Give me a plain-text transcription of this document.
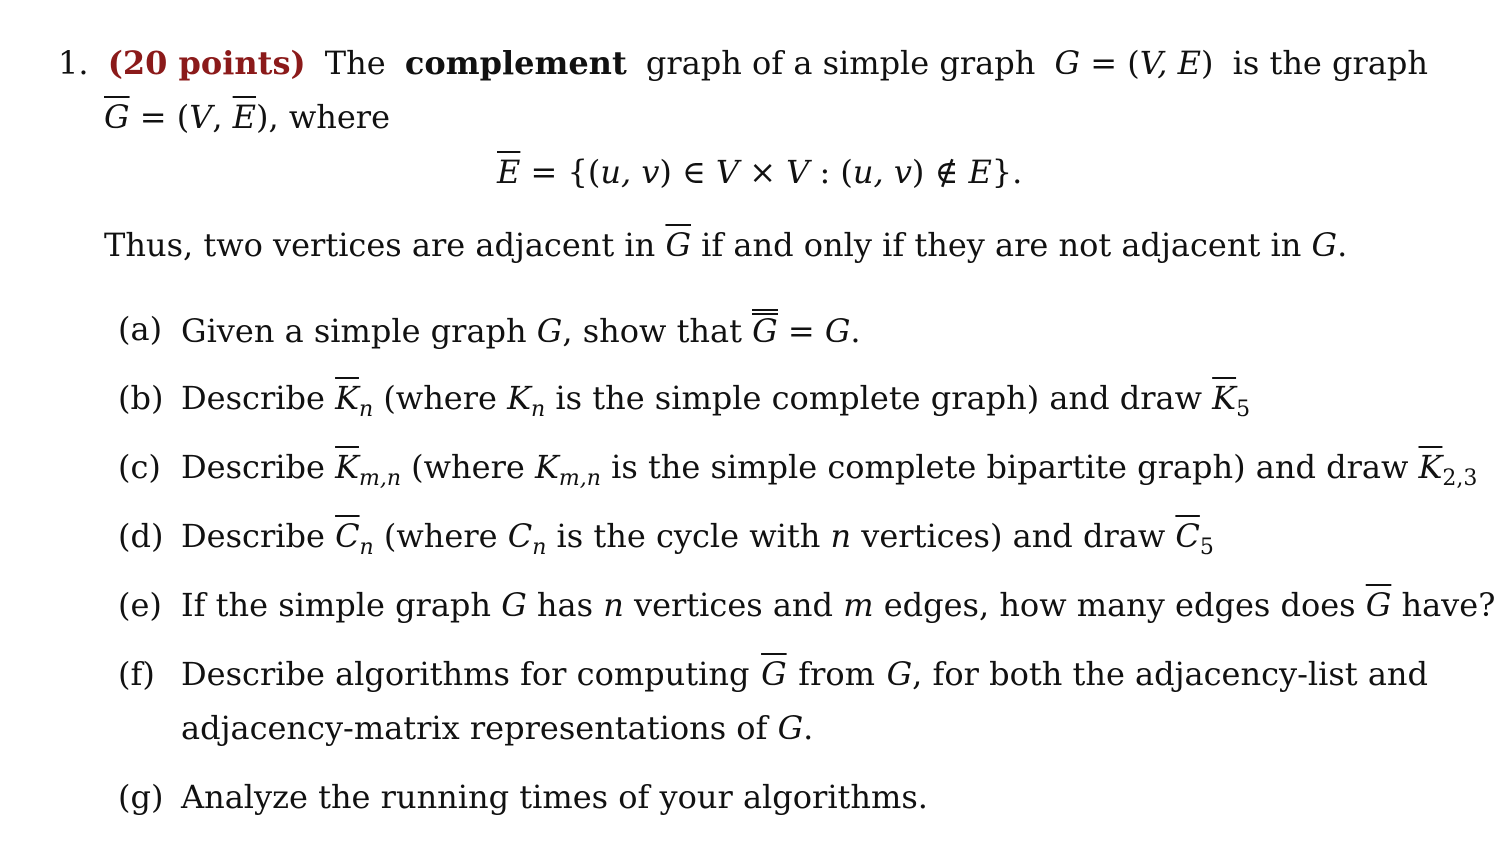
1. (20 points) The complement graph of a simple graph G = (V, E) is the graph
$\overline{G} = (V$, $\overline{E}$), where
$\overline{E} = \{(u$, v) ∈ V × V : (u, v) ∉ E}.
Thus, two vertices are adjacent in $\overline{G}$ if and only if they are not adjacent in G.
(a) Given a simple graph G, show that G = G.
(b) Describe $\overline{K}_n$ (where $K_n$ is the simple complete graph) and draw $\overline{K}_5$
(c) Describe $\overline{K}_{m,n}$ (where $K_{m,n}$ is the simple complete bipartite graph) and draw $\overline{K}_{2,3}$
(d) Describe $\overline{C}_n$ (where $C_n$ is the cycle with n vertices) and draw $\overline{C}_5$
(e) If the simple graph G has n vertices and m edges, how many edges does $\overline{G}$ have?
(f) Describe algorithms for computing $\overline{G}$ from G, for both the adjacency-list and
adjacency-matrix representations of G.
(g) Analyze the running times of your algorithms.
